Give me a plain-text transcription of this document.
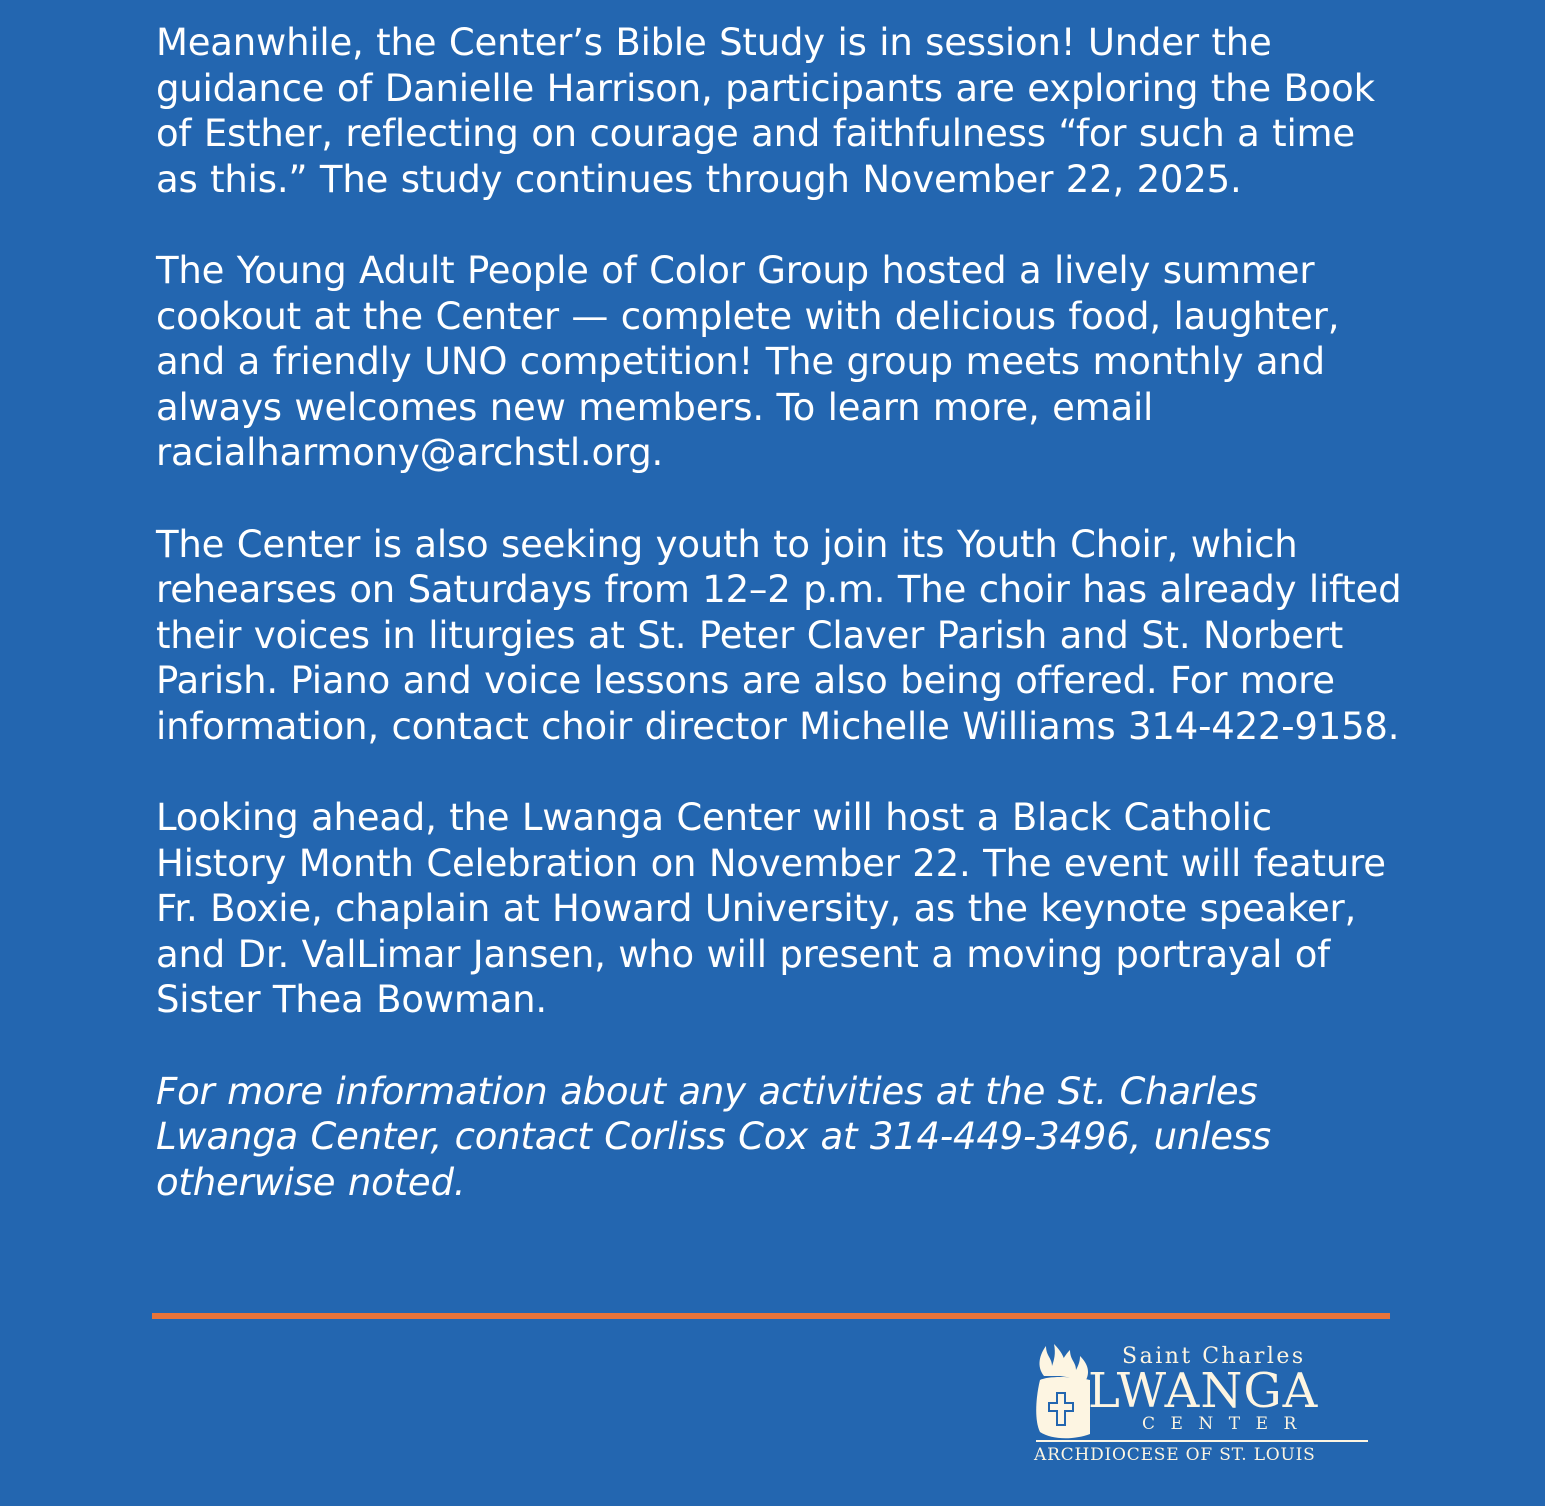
Meanwhile, the Center’s Bible Study is in session! Under the guidance of Danielle Harrison, participants are exploring the Book of Esther, reflecting on courage and faithfulness “for such a time as this.” The study continues through November 22, 2025.

The Young Adult People of Color Group hosted a lively summer cookout at the Center — complete with delicious food, laughter, and a friendly UNO competition! The group meets monthly and always welcomes new members. To learn more, email racialharmony@archstl.org.

The Center is also seeking youth to join its Youth Choir, which rehearses on Saturdays from 12–2 p.m. The choir has already lifted their voices in liturgies at St. Peter Claver Parish and St. Norbert Parish. Piano and voice lessons are also being offered. For more information, contact choir director Michelle Williams 314-422-9158.

Looking ahead, the Lwanga Center will host a Black Catholic History Month Celebration on November 22. The event will feature Fr. Boxie, chaplain at Howard University, as the keynote speaker, and Dr. ValLimar Jansen, who will present a moving portrayal of Sister Thea Bowman.

For more information about any activities at the St. Charles Lwanga Center, contact Corliss Cox at 314-449-3496, unless otherwise noted.

Saint Charles
LWANGA
CENTER
ARCHDIOCESE OF ST. LOUIS
